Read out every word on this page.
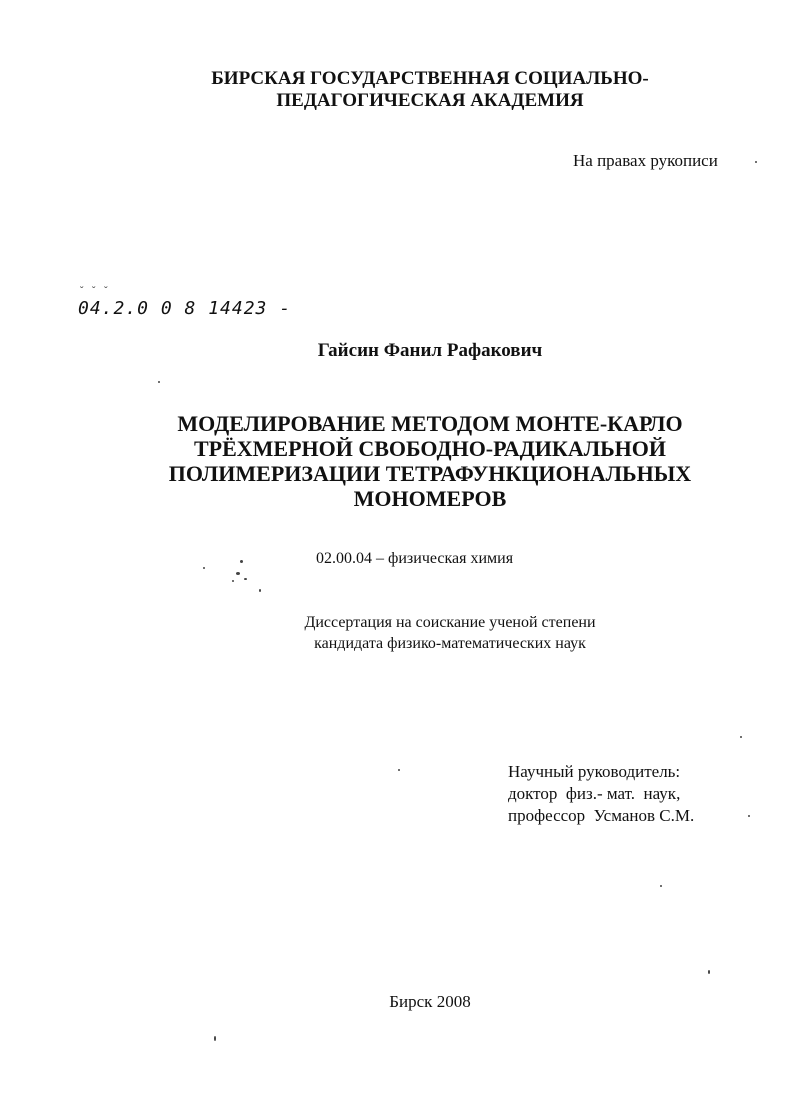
БИРСКАЯ ГОСУДАРСТВЕННАЯ СОЦИАЛЬНО-
ПЕДАГОГИЧЕСКАЯ АКАДЕМИЯ
На правах рукописи
˘ ˘ ˘
04.2.0 0 8 14423 -
Гайсин Фанил Рафакович
МОДЕЛИРОВАНИЕ МЕТОДОМ МОНТЕ-КАРЛО
ТРЁХМЕРНОЙ СВОБОДНО-РАДИКАЛЬНОЙ
ПОЛИМЕРИЗАЦИИ ТЕТРАФУНКЦИОНАЛЬНЫХ
МОНОМЕРОВ
02.00.04 – физическая химия
Диссертация на соискание ученой степени
кандидата физико-математических наук
Научный руководитель:
доктор  физ.- мат.  наук,
профессор  Усманов С.М.
Бирск 2008
